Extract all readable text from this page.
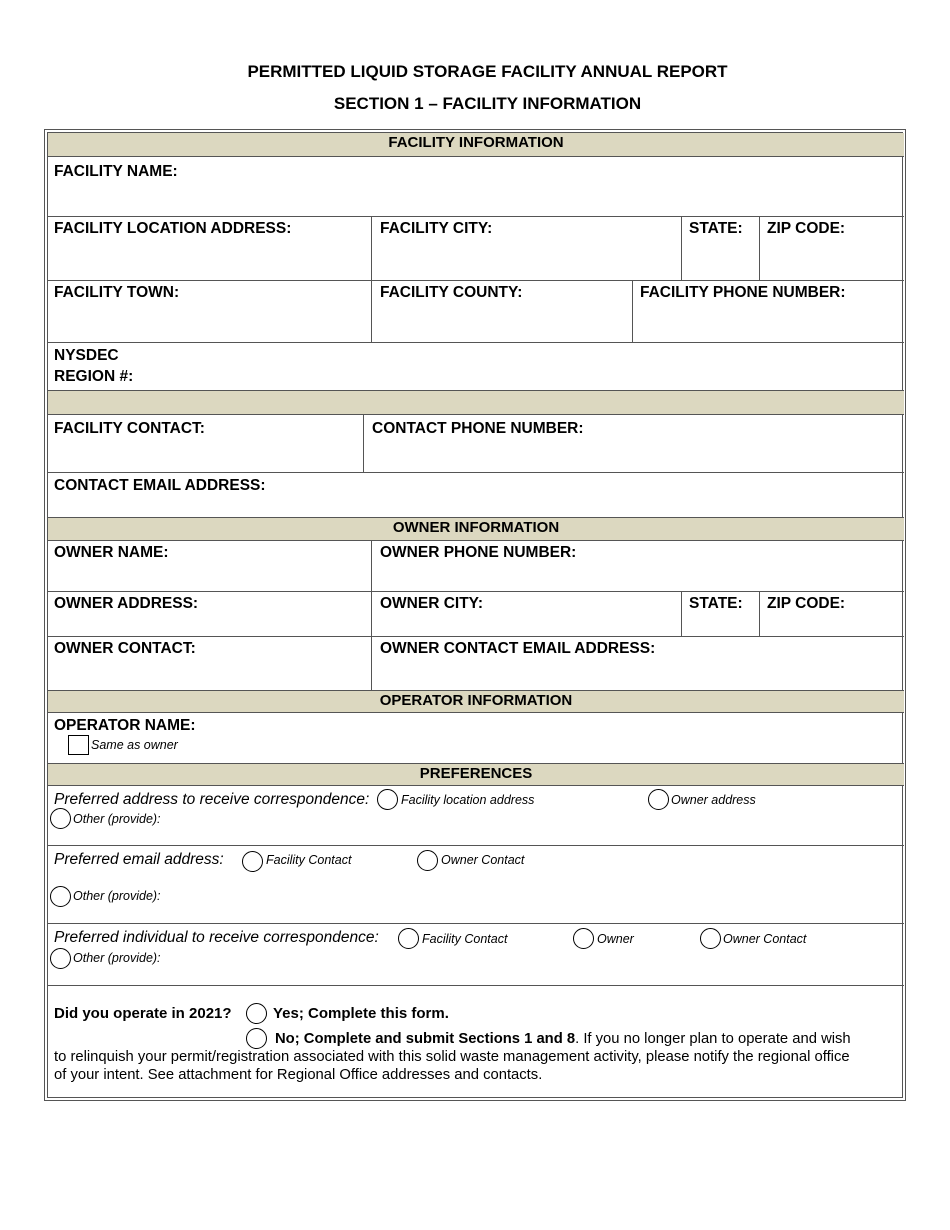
PERMITTED LIQUID STORAGE FACILITY ANNUAL REPORT
SECTION 1 – FACILITY INFORMATION
FACILITY INFORMATION
FACILITY NAME:
FACILITY LOCATION ADDRESS:	FACILITY CITY:	STATE: ZIP CODE:
FACILITY TOWN:	FACILITY COUNTY:	FACILITY PHONE NUMBER:
NYSDEC
REGION #:
FACILITY CONTACT:	CONTACT PHONE NUMBER:
CONTACT EMAIL ADDRESS:
OWNER INFORMATION
OWNER NAME:	OWNER PHONE NUMBER:
OWNER ADDRESS:	OWNER CITY:	STATE: ZIP CODE:
OWNER CONTACT:	OWNER CONTACT EMAIL ADDRESS:
OPERATOR INFORMATION
OPERATOR NAME:
Same as owner
PREFERENCES
Preferred address to receive correspondence:	Facility location address	Owner address
Other (provide):
Preferred email address:	Facility Contact	Owner Contact
Other (provide):
Preferred individual to receive correspondence:	Facility Contact	Owner	Owner Contact
Other (provide):
Did you operate in 2021?	Yes; Complete this form.
No; Complete and submit Sections 1 and 8. If you no longer plan to operate and wish
to relinquish your permit/registration associated with this solid waste management activity, please notify the regional office
of your intent. See attachment for Regional Office addresses and contacts.
